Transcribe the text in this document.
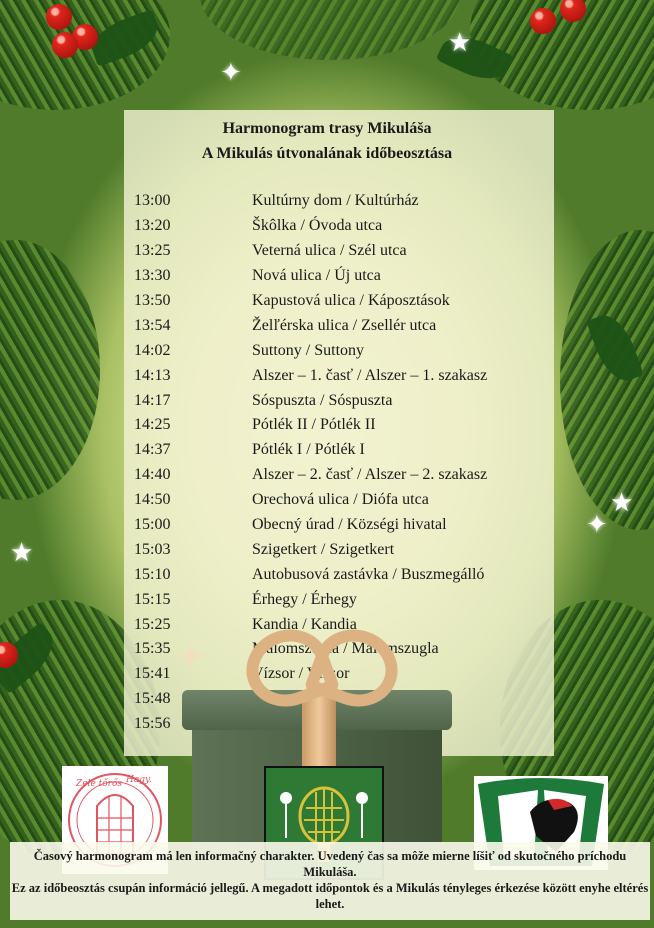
✦
★
★
★
✦
Harmonogram trasy Mikuláša
A Mikulás útvonalának időbeosztása
13:00	Kultúrny dom / Kultúrház
13:20	Škôlka / Óvoda utca
13:25	Veterná ulica / Szél utca
13:30	Nová ulica / Új utca
13:50	Kapustová ulica / Káposztások
13:54	Želľérska ulica / Zsellér utca
14:02	Suttony / Suttony
14:13	Alszer – 1. časť / Alszer – 1. szakasz
14:17	Sóspuszta / Sóspuszta
14:25	Pótlék II / Pótlék II
14:37	Pótlék I / Pótlék I
14:40	Alszer – 2. časť / Alszer – 2. szakasz
14:50	Orechová ulica / Diófa utca
15:00	Obecný úrad / Községi hivatal
15:03	Szigetkert / Szigetkert
15:10	Autobusová zastávka / Buszmegálló
15:15	Érhegy / Érhegy
15:25	Kandia / Kandia
15:35	Malomszugla / Malomszugla
15:41	Vízsor / Vízsor
15:48
15:56
Zele tőrős Hagy.

Časový harmonogram má len informačný charakter. Uvedený čas sa môže mierne líšiť od skutočného príchodu Mikuláša.

Ez az időbeosztás csupán információ jellegű. A megadott időpontok és a Mikulás tényleges érkezése között enyhe eltérés lehet.
